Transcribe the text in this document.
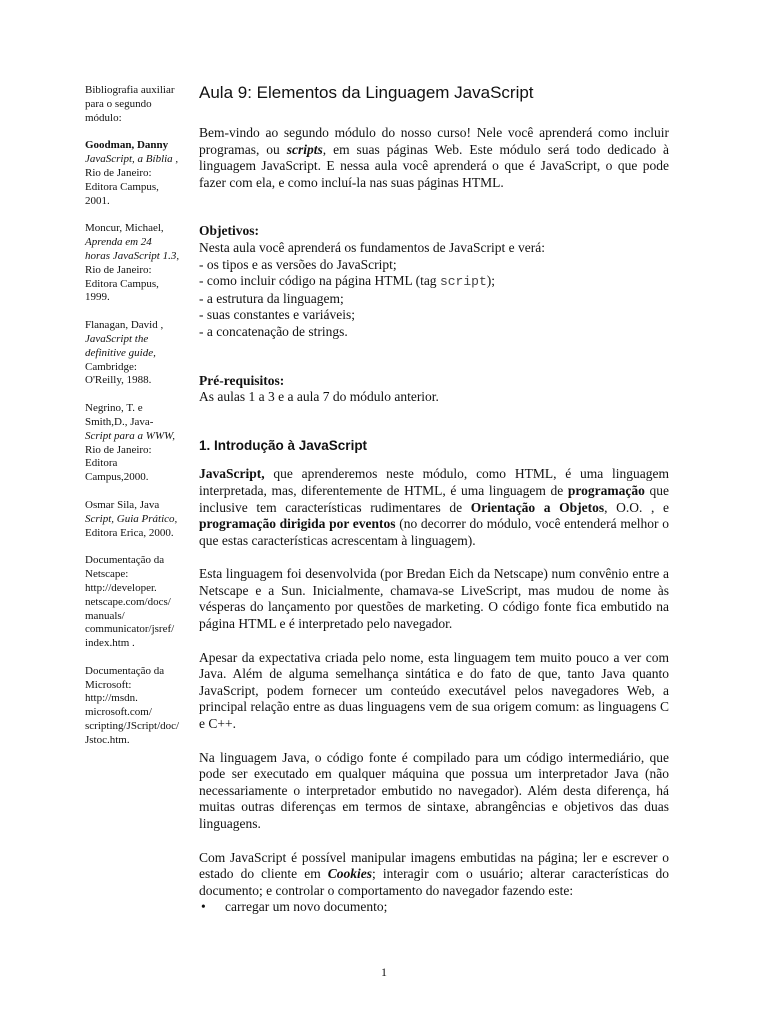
Bibliografia auxiliar
para o segundo
módulo:
Goodman, Danny
JavaScript, a Bíblia ,
Rio de Janeiro:
Editora Campus,
2001.
Moncur, Michael,
Aprenda em 24
horas JavaScript 1.3,
Rio de Janeiro:
Editora Campus,
1999.
Flanagan, David ,
JavaScript the
definitive guide,
Cambridge:
O'Reilly, 1988.
Negrino, T. e
Smith,D., Java-
Script para a WWW,
Rio de Janeiro:
Editora
Campus,2000.
Osmar Sila, Java
Script, Guia Prático,
Editora Erica, 2000.
Documentação da
Netscape:
http://developer.
netscape.com/docs/
manuals/
communicator/jsref/
index.htm .
Documentação da
Microsoft:
http://msdn.
microsoft.com/
scripting/JScript/doc/
Jstoc.htm.
Aula 9: Elementos da Linguagem JavaScript

Bem-vindo ao segundo módulo do nosso curso! Nele você aprenderá como incluir programas, ou scripts, em suas páginas Web. Este módulo será todo dedicado à linguagem JavaScript. E nessa aula você aprenderá o que é JavaScript, o que pode fazer com ela, e como incluí-la nas suas páginas HTML.

Objetivos:
Nesta aula você aprenderá os fundamentos de JavaScript e verá:
- os tipos e as versões do JavaScript;
- como incluir código na página HTML (tag script);
- a estrutura da linguagem;
- suas constantes e variáveis;
- a concatenação de strings.
Pré-requisitos:
As aulas 1 a 3 e a aula 7 do módulo anterior.
1. Introdução à JavaScript

JavaScript, que aprenderemos neste módulo, como HTML, é uma linguagem interpretada, mas, diferentemente de HTML, é uma linguagem de programação que inclusive tem características rudimentares de Orientação a Objetos, O.O. , e programação dirigida por eventos (no decorrer do módulo, você entenderá melhor o que estas características acrescentam à linguagem).

Esta linguagem foi desenvolvida (por Bredan Eich da Netscape) num convênio entre a Netscape e a Sun. Inicialmente, chamava-se LiveScript, mas mudou de nome às vésperas do lançamento por questões de marketing. O código fonte fica embutido na página HTML e é interpretado pelo navegador.

Apesar da expectativa criada pelo nome, esta linguagem tem muito pouco a ver com Java. Além de alguma semelhança sintática e do fato de que, tanto Java quanto JavaScript, podem fornecer um conteúdo executável pelos navegadores Web, a principal relação entre as duas linguagens vem de sua origem comum: as linguagens C e C++.

Na linguagem Java, o código fonte é compilado para um código intermediário, que pode ser executado em qualquer máquina que possua um interpretador Java (não necessariamente o interpretador embutido no navegador). Além desta diferença, há muitas outras diferenças em termos de sintaxe, abrangências e objetivos das duas linguagens.

Com JavaScript é possível manipular imagens embutidas na página; ler e escrever o estado do cliente em Cookies; interagir com o usuário; alterar características do documento; e controlar o comportamento do navegador fazendo este:

• carregar um novo documento;
1
